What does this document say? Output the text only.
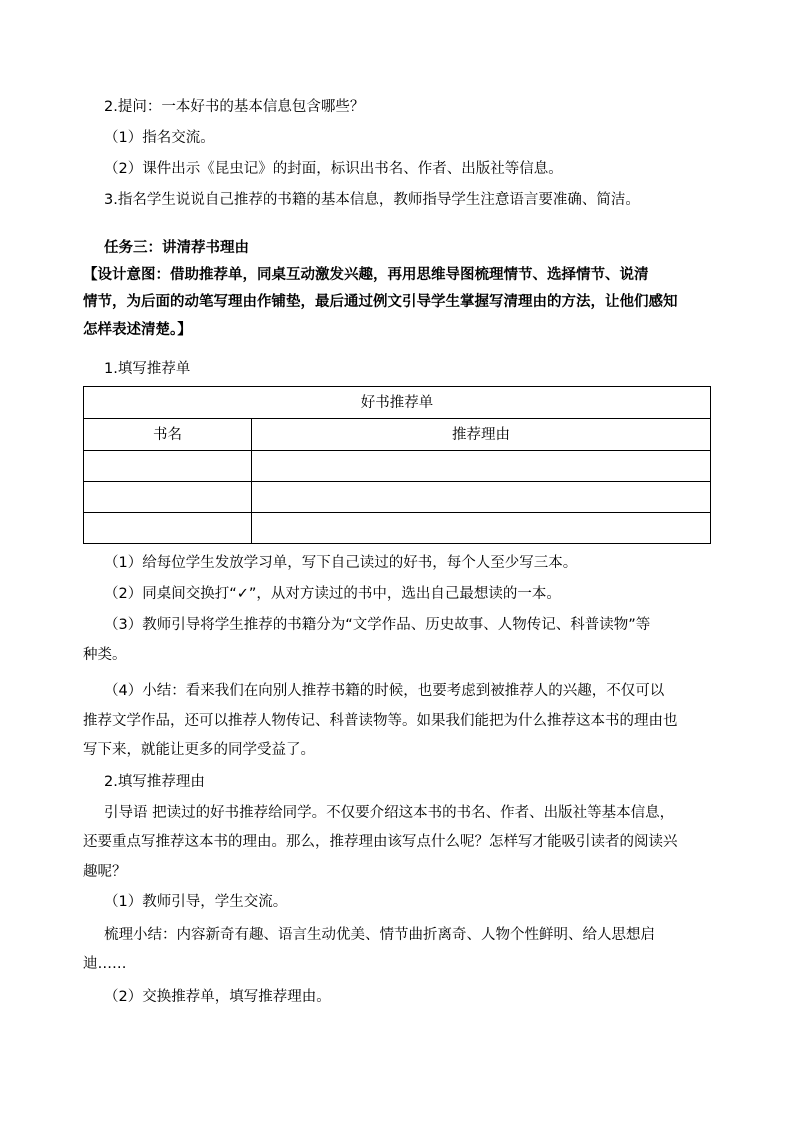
2.提问：一本好书的基本信息包含哪些？
（1）指名交流。
（2）课件出示《昆虫记》的封面，标识出书名、作者、出版社等信息。
3.指名学生说说自己推荐的书籍的基本信息，教师指导学生注意语言要准确、简洁。
任务三：讲清荐书理由
【设计意图：借助推荐单，同桌互动激发兴趣，再用思维导图梳理情节、选择情节、说清
情节，为后面的动笔写理由作铺垫，最后通过例文引导学生掌握写清理由的方法，让他们感知
怎样表述清楚。】
1.填写推荐单
好书推荐单	
书名	推荐理由

（1）给每位学生发放学习单，写下自己读过的好书，每个人至少写三本。
（2）同桌间交换打“✓”，从对方读过的书中，选出自己最想读的一本。
（3）教师引导将学生推荐的书籍分为“文学作品、历史故事、人物传记、科普读物”等
种类。
（4）小结：看来我们在向别人推荐书籍的时候，也要考虑到被推荐人的兴趣，不仅可以
推荐文学作品，还可以推荐人物传记、科普读物等。如果我们能把为什么推荐这本书的理由也
写下来，就能让更多的同学受益了。
2.填写推荐理由
引导语 把读过的好书推荐给同学。不仅要介绍这本书的书名、作者、出版社等基本信息，
还要重点写推荐这本书的理由。那么，推荐理由该写点什么呢？怎样写才能吸引读者的阅读兴
趣呢？
（1）教师引导，学生交流。
梳理小结：内容新奇有趣、语言生动优美、情节曲折离奇、人物个性鲜明、给人思想启
迪……
（2）交换推荐单，填写推荐理由。
